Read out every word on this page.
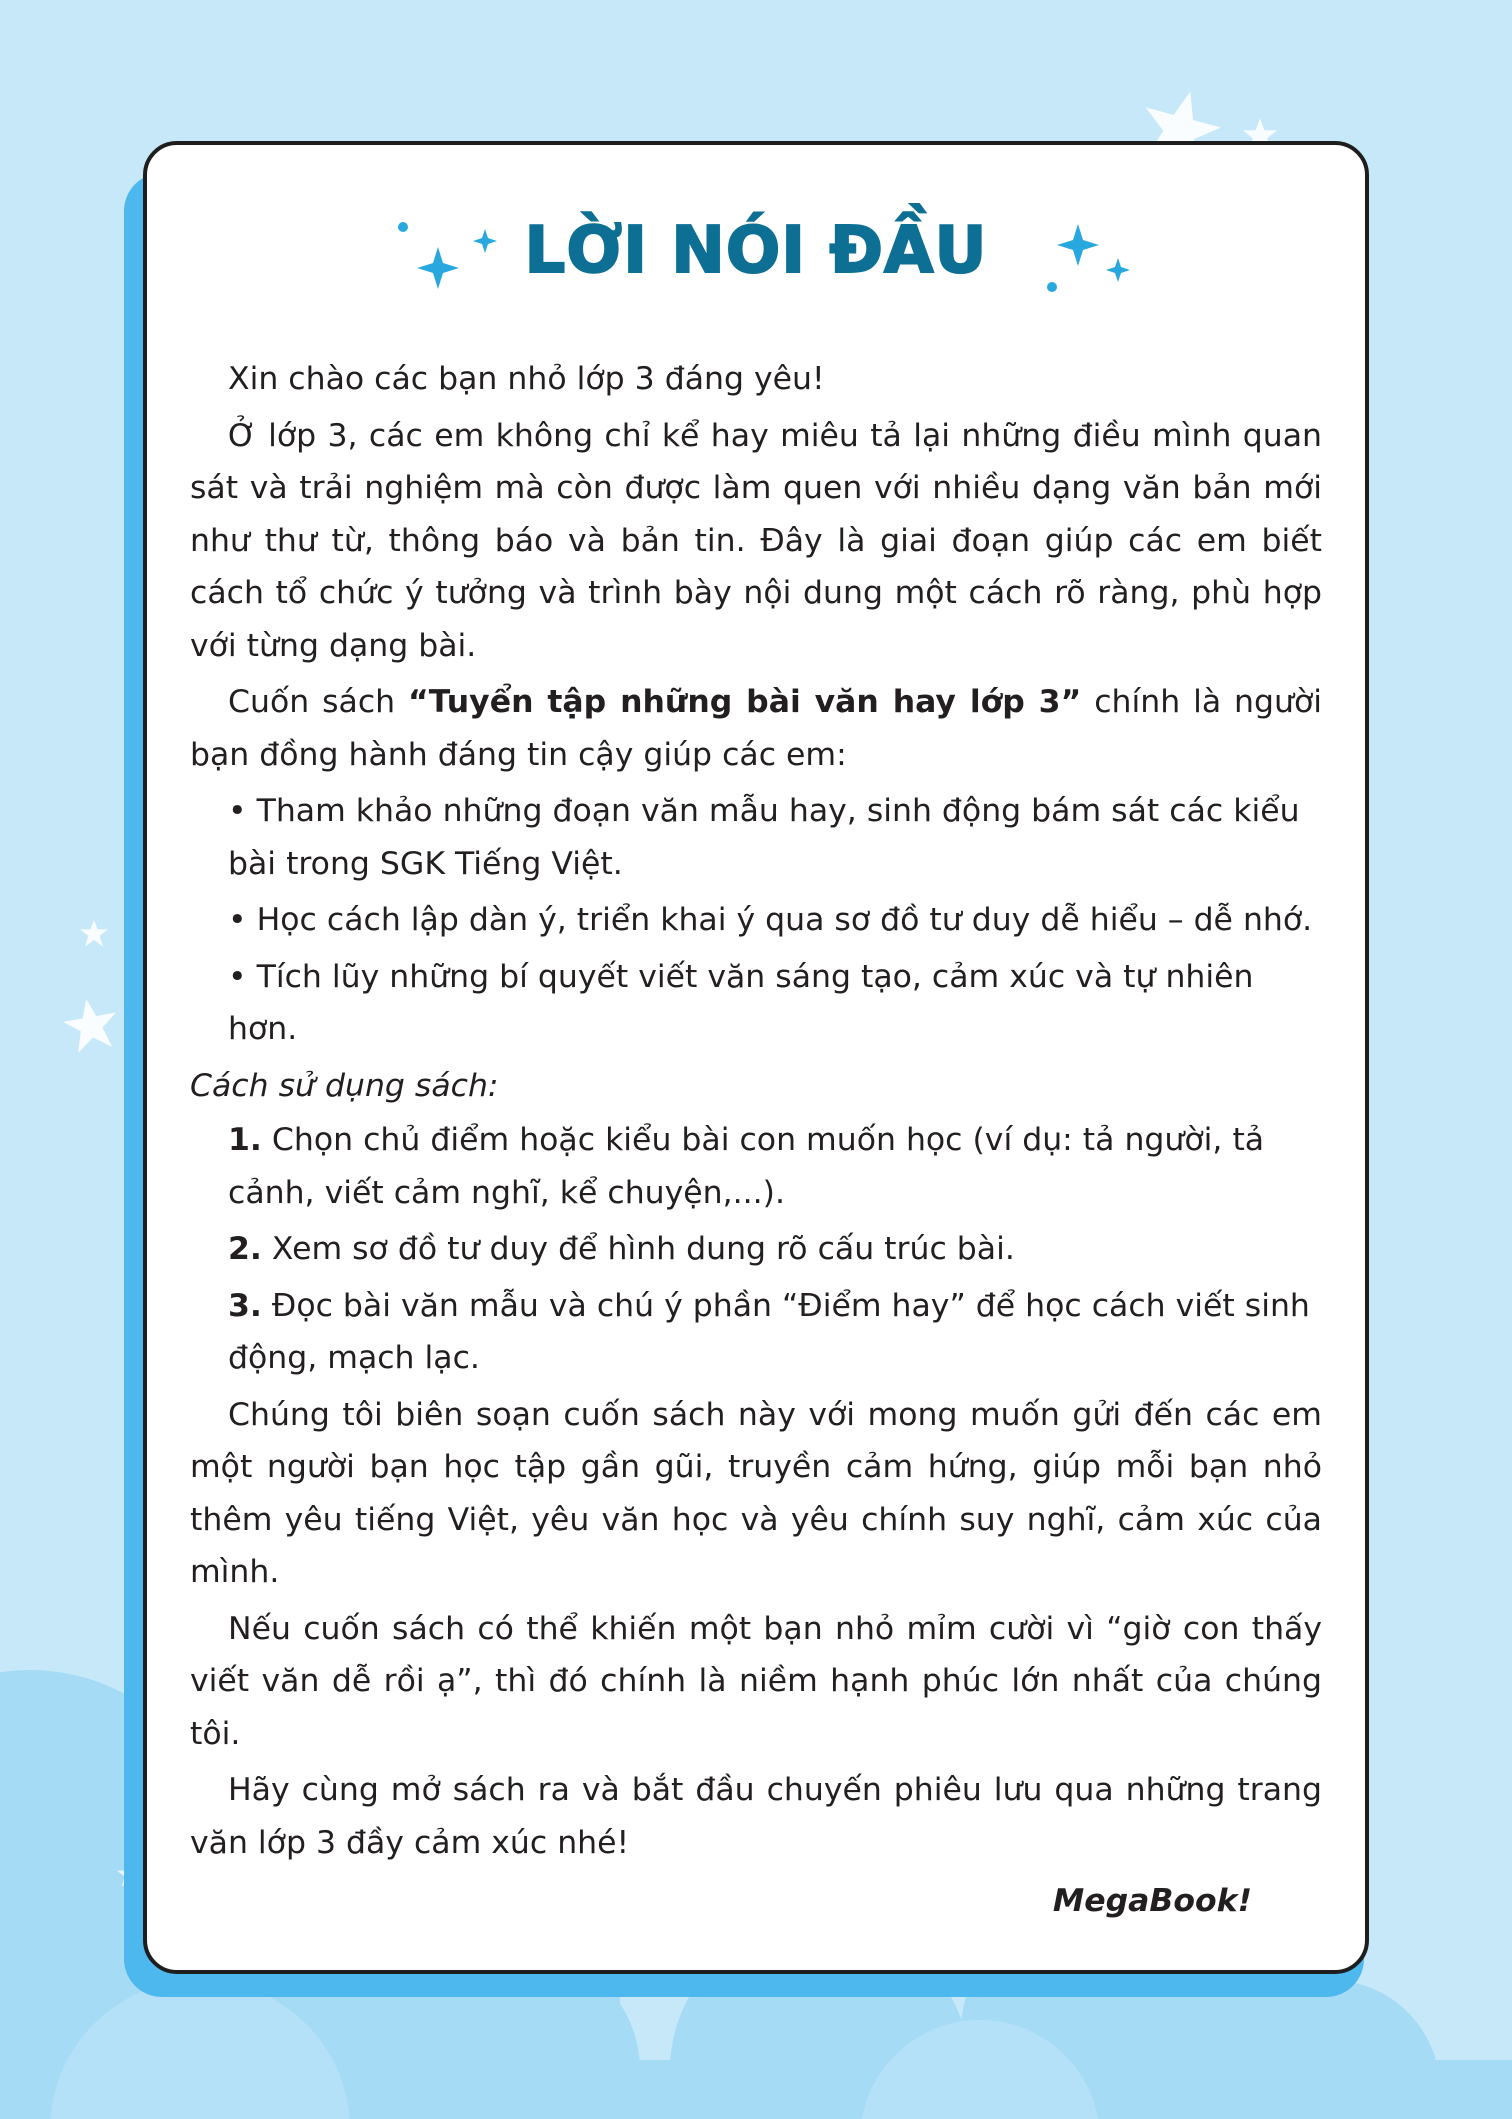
LỜI NÓI ĐẦU

Xin chào các bạn nhỏ lớp 3 đáng yêu!

Ở lớp 3, các em không chỉ kể hay miêu tả lại những điều mình quan sát và trải nghiệm mà còn được làm quen với nhiều dạng văn bản mới như thư từ, thông báo và bản tin. Đây là giai đoạn giúp các em biết cách tổ chức ý tưởng và trình bày nội dung một cách rõ ràng, phù hợp với từng dạng bài.

Cuốn sách “Tuyển tập những bài văn hay lớp 3” chính là người bạn đồng hành đáng tin cậy giúp các em:

• Tham khảo những đoạn văn mẫu hay, sinh động bám sát các kiểu bài trong SGK Tiếng Việt.

• Học cách lập dàn ý, triển khai ý qua sơ đồ tư duy dễ hiểu – dễ nhớ.

• Tích lũy những bí quyết viết văn sáng tạo, cảm xúc và tự nhiên hơn.

Cách sử dụng sách:

1. Chọn chủ điểm hoặc kiểu bài con muốn học (ví dụ: tả người, tả cảnh, viết cảm nghĩ, kể chuyện,...).

2. Xem sơ đồ tư duy để hình dung rõ cấu trúc bài.

3. Đọc bài văn mẫu và chú ý phần “Điểm hay” để học cách viết sinh động, mạch lạc.

Chúng tôi biên soạn cuốn sách này với mong muốn gửi đến các em một người bạn học tập gần gũi, truyền cảm hứng, giúp mỗi bạn nhỏ thêm yêu tiếng Việt, yêu văn học và yêu chính suy nghĩ, cảm xúc của mình.

Nếu cuốn sách có thể khiến một bạn nhỏ mỉm cười vì “giờ con thấy viết văn dễ rồi ạ”, thì đó chính là niềm hạnh phúc lớn nhất của chúng tôi.

Hãy cùng mở sách ra và bắt đầu chuyến phiêu lưu qua những trang văn lớp 3 đầy cảm xúc nhé!

MegaBook!
